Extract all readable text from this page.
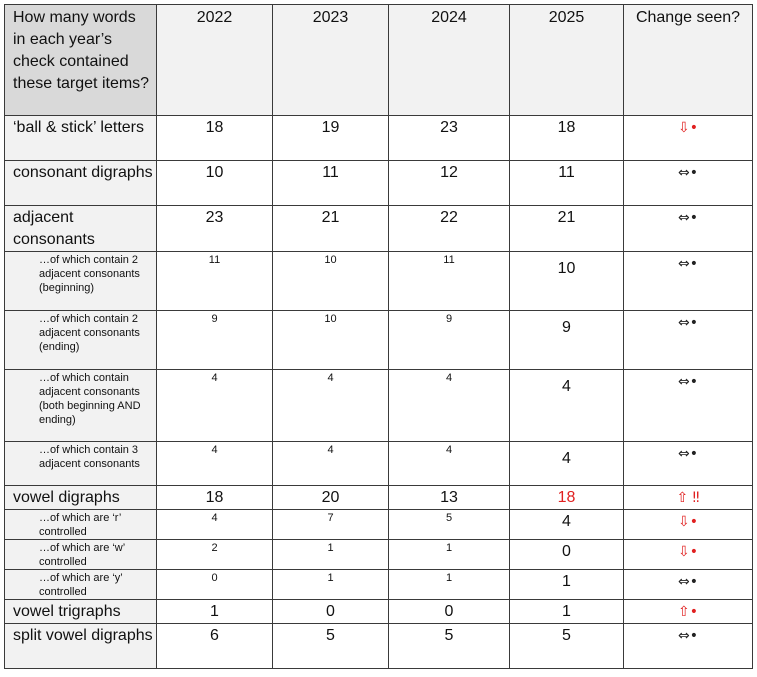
How many words in each year’s check contained these target items?	2022	2023	2024	2025	Change seen?
‘ball & stick’ letters	18	19	23	18	⇩•
consonant digraphs	10	11	12	11	⇔•
adjacent consonants	23	21	22	21	⇔•
…of which contain 2 adjacent consonants (beginning)	11	10	11	10	⇔•
…of which contain 2 adjacent consonants (ending)	9	10	9	9	⇔•
…of which contain adjacent consonants (both beginning AND ending)	4	4	4	4	⇔•
…of which contain 3 adjacent consonants	4	4	4	4	⇔•
vowel digraphs	18	20	13	18	⇧ ‼
…of which are ‘r’ controlled	4	7	5	4	⇩•
…of which are ‘w’ controlled	2	1	1	0	⇩•
…of which are ‘y’ controlled	0	1	1	1	⇔•
vowel trigraphs	1	0	0	1	⇧•
split vowel digraphs	6	5	5	5	⇔•
